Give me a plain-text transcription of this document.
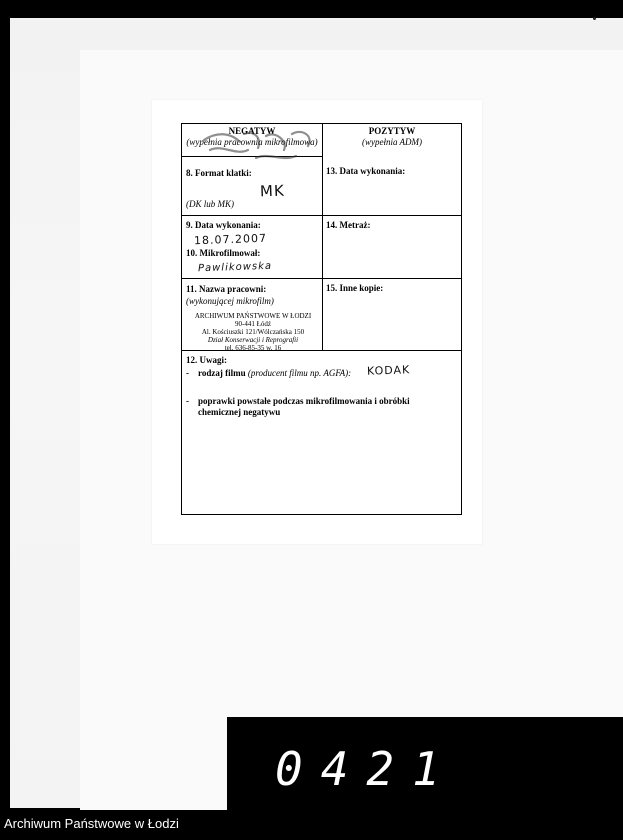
NEGATYW
(wypełnia pracownia mikrofilmowa)
POZYTYW
(wypełnia ADM)
8. Format klatki:
MK
(DK lub MK)
13. Data wykonania:
9. Data wykonania:
18.07.2007
10. Mikrofilmował:
Pawlikowska
14. Metraż:
11. Nazwa pracowni:
(wykonującej mikrofilm)
ARCHIWUM PAŃSTWOWE W ŁODZI
90-441 Łódź
Al. Kościuszki 121/Wólczańska 150
Dział Konserwacji i Reprografii
tel. 636-85-35 w. 16
15. Inne kopie:
12. Uwagi:
- rodzaj filmu (producent filmu np. AGFA):	KODAK
- poprawki powstałe podczas mikrofilmowania i obróbki chemicznej negatywu
0421
Archiwum Państwowe w Łodzi
